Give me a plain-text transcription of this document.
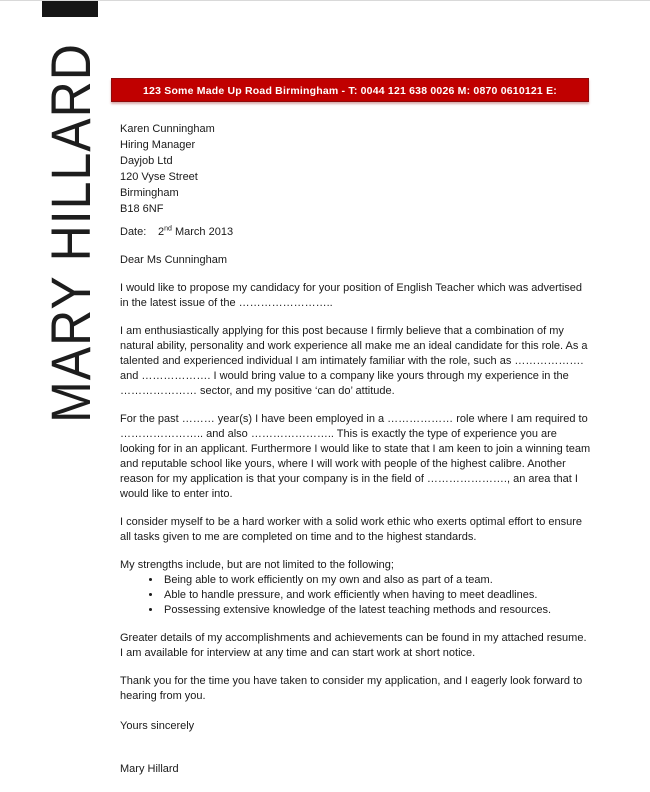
MARY HILLARD	123 Some Made Up Road Birmingham - T: 0044 121 638 0026 M: 0870 0610121 E: info@dayjob.com
Karen Cunningham
Hiring Manager
Dayjob Ltd
120 Vyse Street
Birmingham
B18 6NF
Date: 2nd March 2013

Dear Ms Cunningham

I would like to propose my candidacy for your position of English Teacher which was advertised in the latest issue of the ……………………..

I am enthusiastically applying for this post because I firmly believe that a combination of my natural ability, personality and work experience all make me an ideal candidate for this role. As a talented and experienced individual I am intimately familiar with the role, such as ………………. and ………………. I would bring value to a company like yours through my experience in the ………………… sector, and my positive ‘can do’ attitude.

For the past ……… year(s) I have been employed in a ……………… role where I am required to ………………….. and also ………………….. This is exactly the type of experience you are looking for in an applicant. Furthermore I would like to state that I am keen to join a winning team and reputable school like yours, where I will work with people of the highest calibre. Another reason for my application is that your company is in the field of …………………., an area that I would like to enter into.

I consider myself to be a hard worker with a solid work ethic who exerts optimal effort to ensure all tasks given to me are completed on time and to the highest standards.

My strengths include, but are not limited to the following;

• Being able to work efficiently on my own and also as part of a team.
• Able to handle pressure, and work efficiently when having to meet deadlines.
• Possessing extensive knowledge of the latest teaching methods and resources.

Greater details of my accomplishments and achievements can be found in my attached resume. I am available for interview at any time and can start work at short notice.

Thank you for the time you have taken to consider my application, and I eagerly look forward to hearing from you.

Yours sincerely

Mary Hillard
